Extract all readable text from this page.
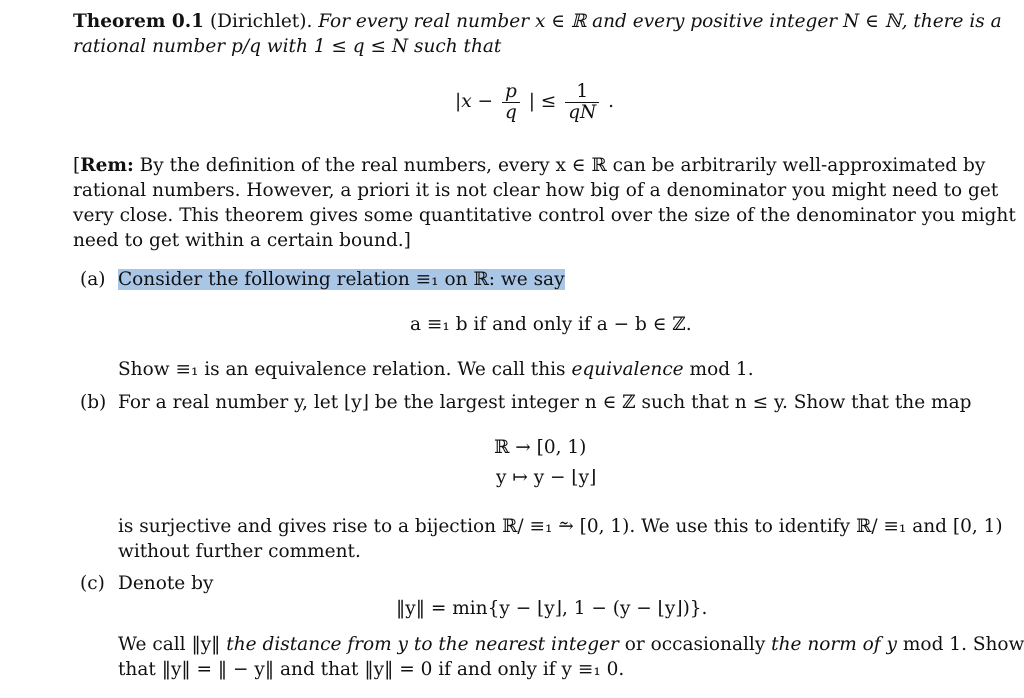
Theorem 0.1 (Dirichlet). For every real number x ∈ ℝ and every positive integer N ∈ ℕ, there is a
rational number p/q with 1 ≤ q ≤ N such that
$|x - \frac{p}{q}$ | ≤ $\frac{1}{qN}$ .
[Rem: By the definition of the real numbers, every x ∈ ℝ can be arbitrarily well-approximated by
rational numbers. However, a priori it is not clear how big of a denominator you might need to get
very close. This theorem gives some quantitative control over the size of the denominator you might
need to get within a certain bound.]
(a) Consider the following relation ≡₁ on ℝ: we say
a ≡₁ b if and only if a − b ∈ ℤ.
Show ≡₁ is an equivalence relation. We call this equivalence mod 1.
(b) For a real number y, let ⌊y⌋ be the largest integer n ∈ ℤ such that n ≤ y. Show that the map
ℝ → [0, 1)
y ↦ y − ⌊y⌋
is surjective and gives rise to a bijection ℝ/ ≡₁ ⥲ [0, 1). We use this to identify ℝ/ ≡₁ and [0, 1)
without further comment.
(c) Denote by
‖y‖ = min{y − ⌊y⌋, 1 − (y − ⌊y⌋)}.
We call ‖y‖ the distance from y to the nearest integer or occasionally the norm of y mod 1. Show
that ‖y‖ = ‖ − y‖ and that ‖y‖ = 0 if and only if y ≡₁ 0.
